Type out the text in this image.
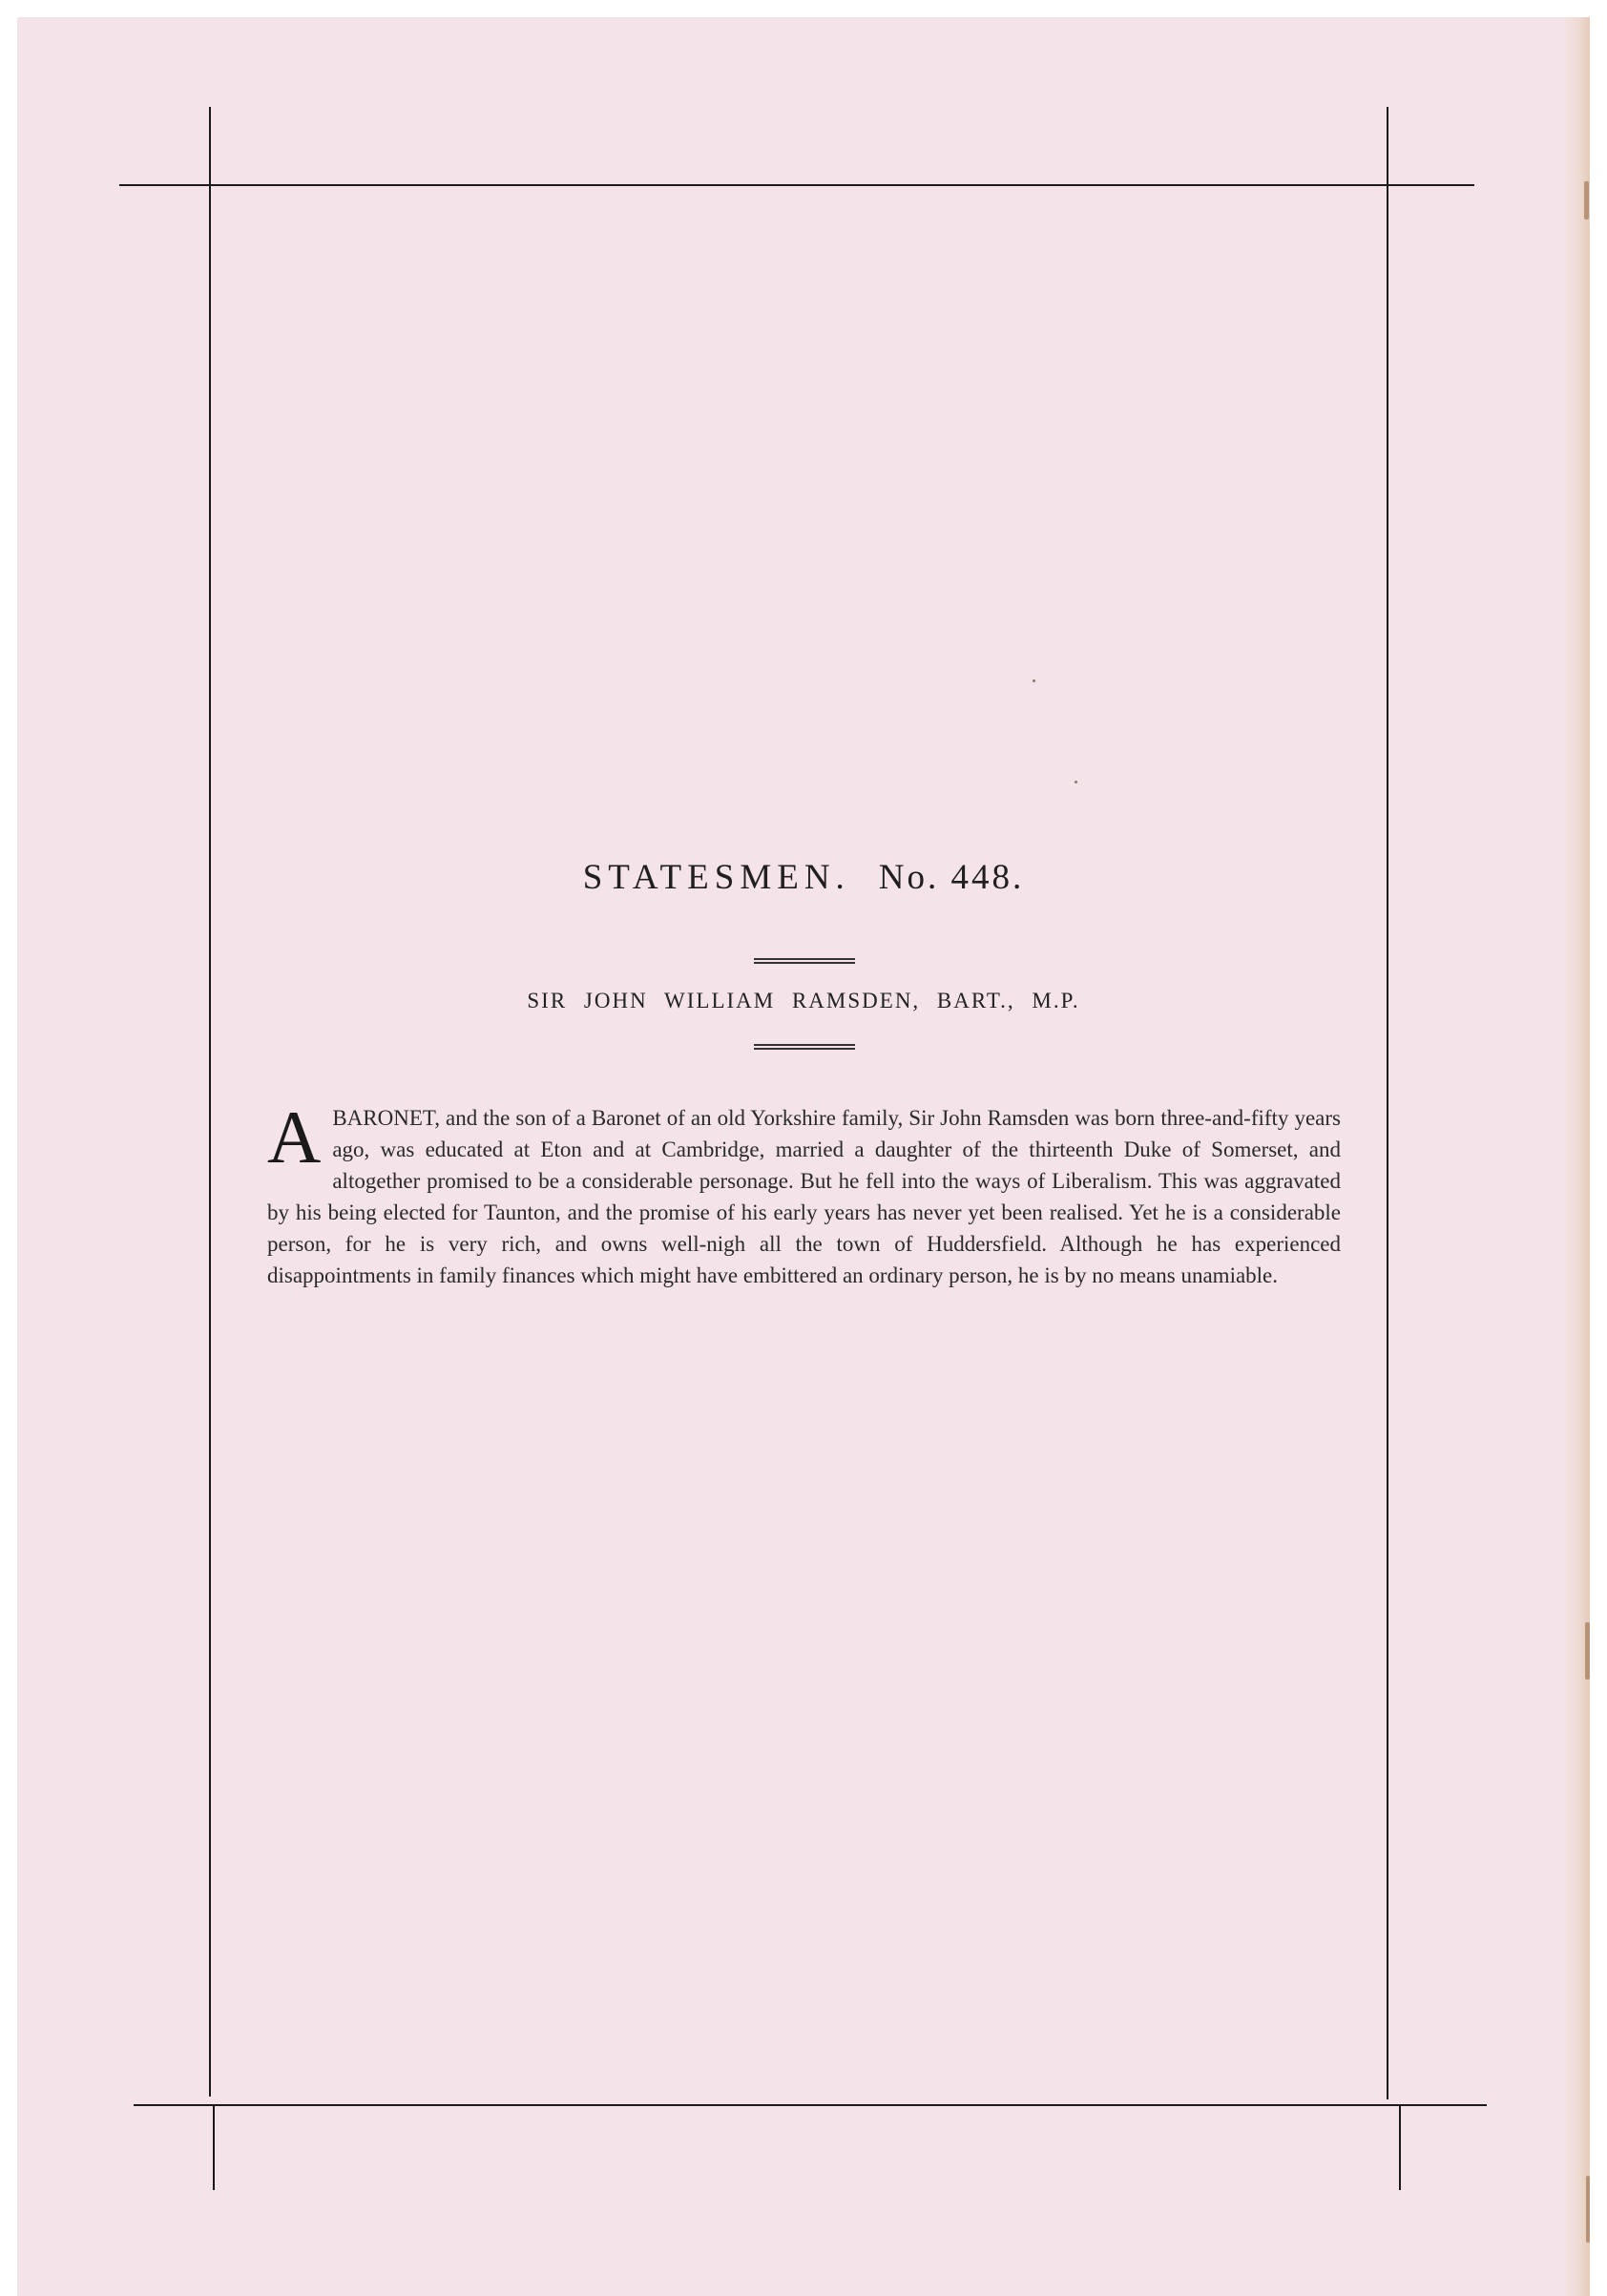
STATESMEN. No. 448.
SIR JOHN WILLIAM RAMSDEN, BART., M.P.
ABARONET, and the son of a Baronet of an old Yorkshire family, Sir John Ramsden was born three-and-fifty years ago, was educated at Eton and at Cambridge, married a daughter of the thirteenth Duke of Somerset, and altogether promised to be a considerable personage. But he fell into the ways of Liberalism. This was aggravated by his being elected for Taunton, and the promise of his early years has never yet been realised. Yet he is a considerable person, for he is very rich, and owns well-nigh all the town of Huddersfield. Although he has experienced disappointments in family finances which might have embittered an ordinary person, he is by no means unamiable.
